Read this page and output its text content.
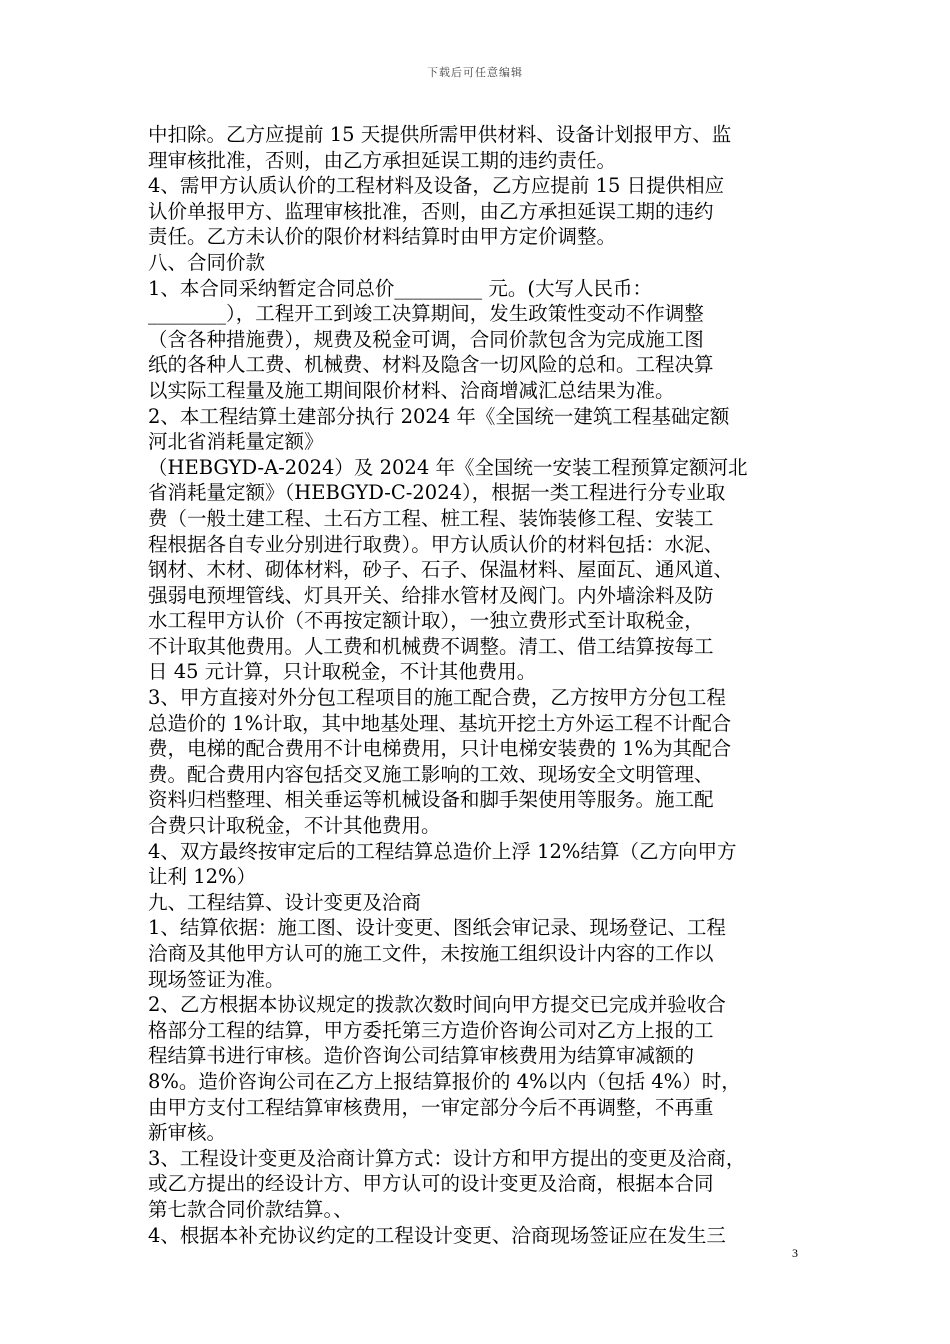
下载后可任意编辑
中扣除。乙方应提前 15 天提供所需甲供材料、设备计划报甲方、监
理审核批准，否则，由乙方承担延误工期的违约责任。
4、需甲方认质认价的工程材料及设备，乙方应提前 15 日提供相应
认价单报甲方、监理审核批准，否则，由乙方承担延误工期的违约
责任。乙方未认价的限价材料结算时由甲方定价调整。
八、合同价款
1、本合同采纳暂定合同总价_________ 元。(大写人民币：
________），工程开工到竣工决算期间，发生政策性变动不作调整
（含各种措施费），规费及税金可调，合同价款包含为完成施工图
纸的各种人工费、机械费、材料及隐含一切风险的总和。工程决算
以实际工程量及施工期间限价材料、洽商增减汇总结果为准。
2、本工程结算土建部分执行 2024 年《全国统一建筑工程基础定额
河北省消耗量定额》
（HEBGYD-A-2024）及 2024 年《全国统一安装工程预算定额河北
省消耗量定额》（HEBGYD-C-2024），根据一类工程进行分专业取
费（一般土建工程、土石方工程、桩工程、装饰装修工程、安装工
程根据各自专业分别进行取费）。甲方认质认价的材料包括：水泥、
钢材、木材、砌体材料，砂子、石子、保温材料、屋面瓦、通风道、
强弱电预埋管线、灯具开关、给排水管材及阀门。内外墙涂料及防
水工程甲方认价（不再按定额计取），一独立费形式至计取税金，
不计取其他费用。人工费和机械费不调整。清工、借工结算按每工
日 45 元计算，只计取税金，不计其他费用。
3、甲方直接对外分包工程项目的施工配合费，乙方按甲方分包工程
总造价的 1%计取，其中地基处理、基坑开挖土方外运工程不计配合
费，电梯的配合费用不计电梯费用，只计电梯安装费的 1%为其配合
费。配合费用内容包括交叉施工影响的工效、现场安全文明管理、
资料归档整理、相关垂运等机械设备和脚手架使用等服务。施工配
合费只计取税金，不计其他费用。
4、双方最终按审定后的工程结算总造价上浮 12%结算（乙方向甲方
让利 12%）
九、工程结算、设计变更及洽商
1、结算依据：施工图、设计变更、图纸会审记录、现场登记、工程
洽商及其他甲方认可的施工文件，未按施工组织设计内容的工作以
现场签证为准。
2、乙方根据本协议规定的拨款次数时间向甲方提交已完成并验收合
格部分工程的结算，甲方委托第三方造价咨询公司对乙方上报的工
程结算书进行审核。造价咨询公司结算审核费用为结算审减额的
8%。造价咨询公司在乙方上报结算报价的 4%以内（包括 4%）时，
由甲方支付工程结算审核费用，一审定部分今后不再调整，不再重
新审核。
3、工程设计变更及洽商计算方式：设计方和甲方提出的变更及洽商，
或乙方提出的经设计方、甲方认可的设计变更及洽商，根据本合同
第七款合同价款结算。、
4、根据本补充协议约定的工程设计变更、洽商现场签证应在发生三
3
